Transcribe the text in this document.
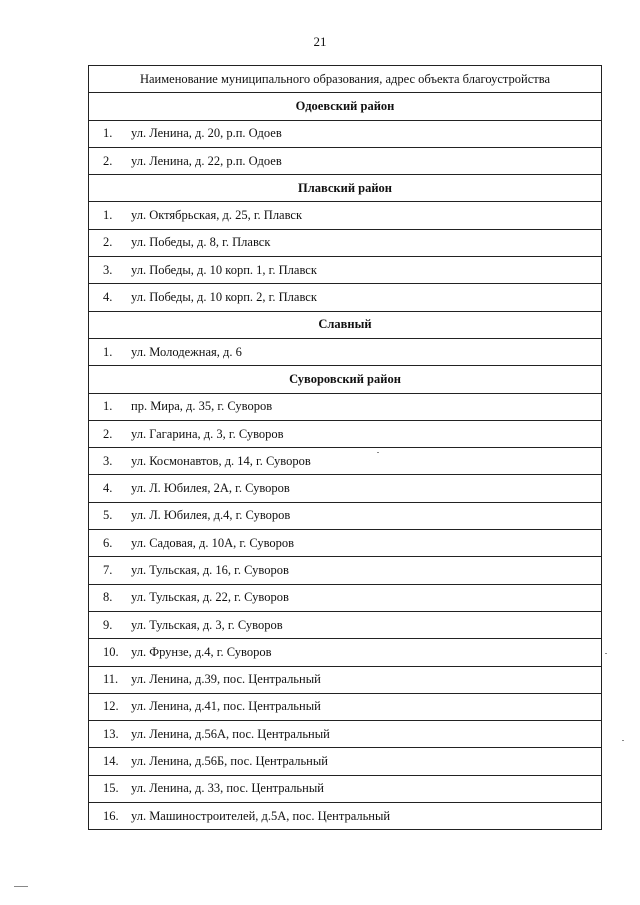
21
Наименование муниципального образования, адрес объекта благоустройства
Одоевский район
1. ул. Ленина, д. 20, р.п. Одоев
2. ул. Ленина, д. 22, р.п. Одоев
Плавский район
1. ул. Октябрьская, д. 25, г. Плавск
2. ул. Победы, д. 8, г. Плавск
3. ул. Победы, д. 10 корп. 1, г. Плавск
4. ул. Победы, д. 10 корп. 2, г. Плавск
Славный
1. ул. Молодежная, д. 6
Суворовский район
1. пр. Мира, д. 35, г. Суворов
2. ул. Гагарина, д. 3, г. Суворов
3. ул. Космонавтов, д. 14, г. Суворов
4. ул. Л. Юбилея, 2А, г. Суворов
5. ул. Л. Юбилея, д.4, г. Суворов
6. ул. Садовая, д. 10А, г. Суворов
7. ул. Тульская, д. 16, г. Суворов
8. ул. Тульская, д. 22, г. Суворов
9. ул. Тульская, д. 3, г. Суворов
10. ул. Фрунзе, д.4, г. Суворов
11. ул. Ленина, д.39, пос. Центральный
12. ул. Ленина, д.41, пос. Центральный
13. ул. Ленина, д.56А, пос. Центральный
14. ул. Ленина, д.56Б, пос. Центральный
15. ул. Ленина, д. 33, пос. Центральный
16. ул. Машиностроителей, д.5А, пос. Центральный
